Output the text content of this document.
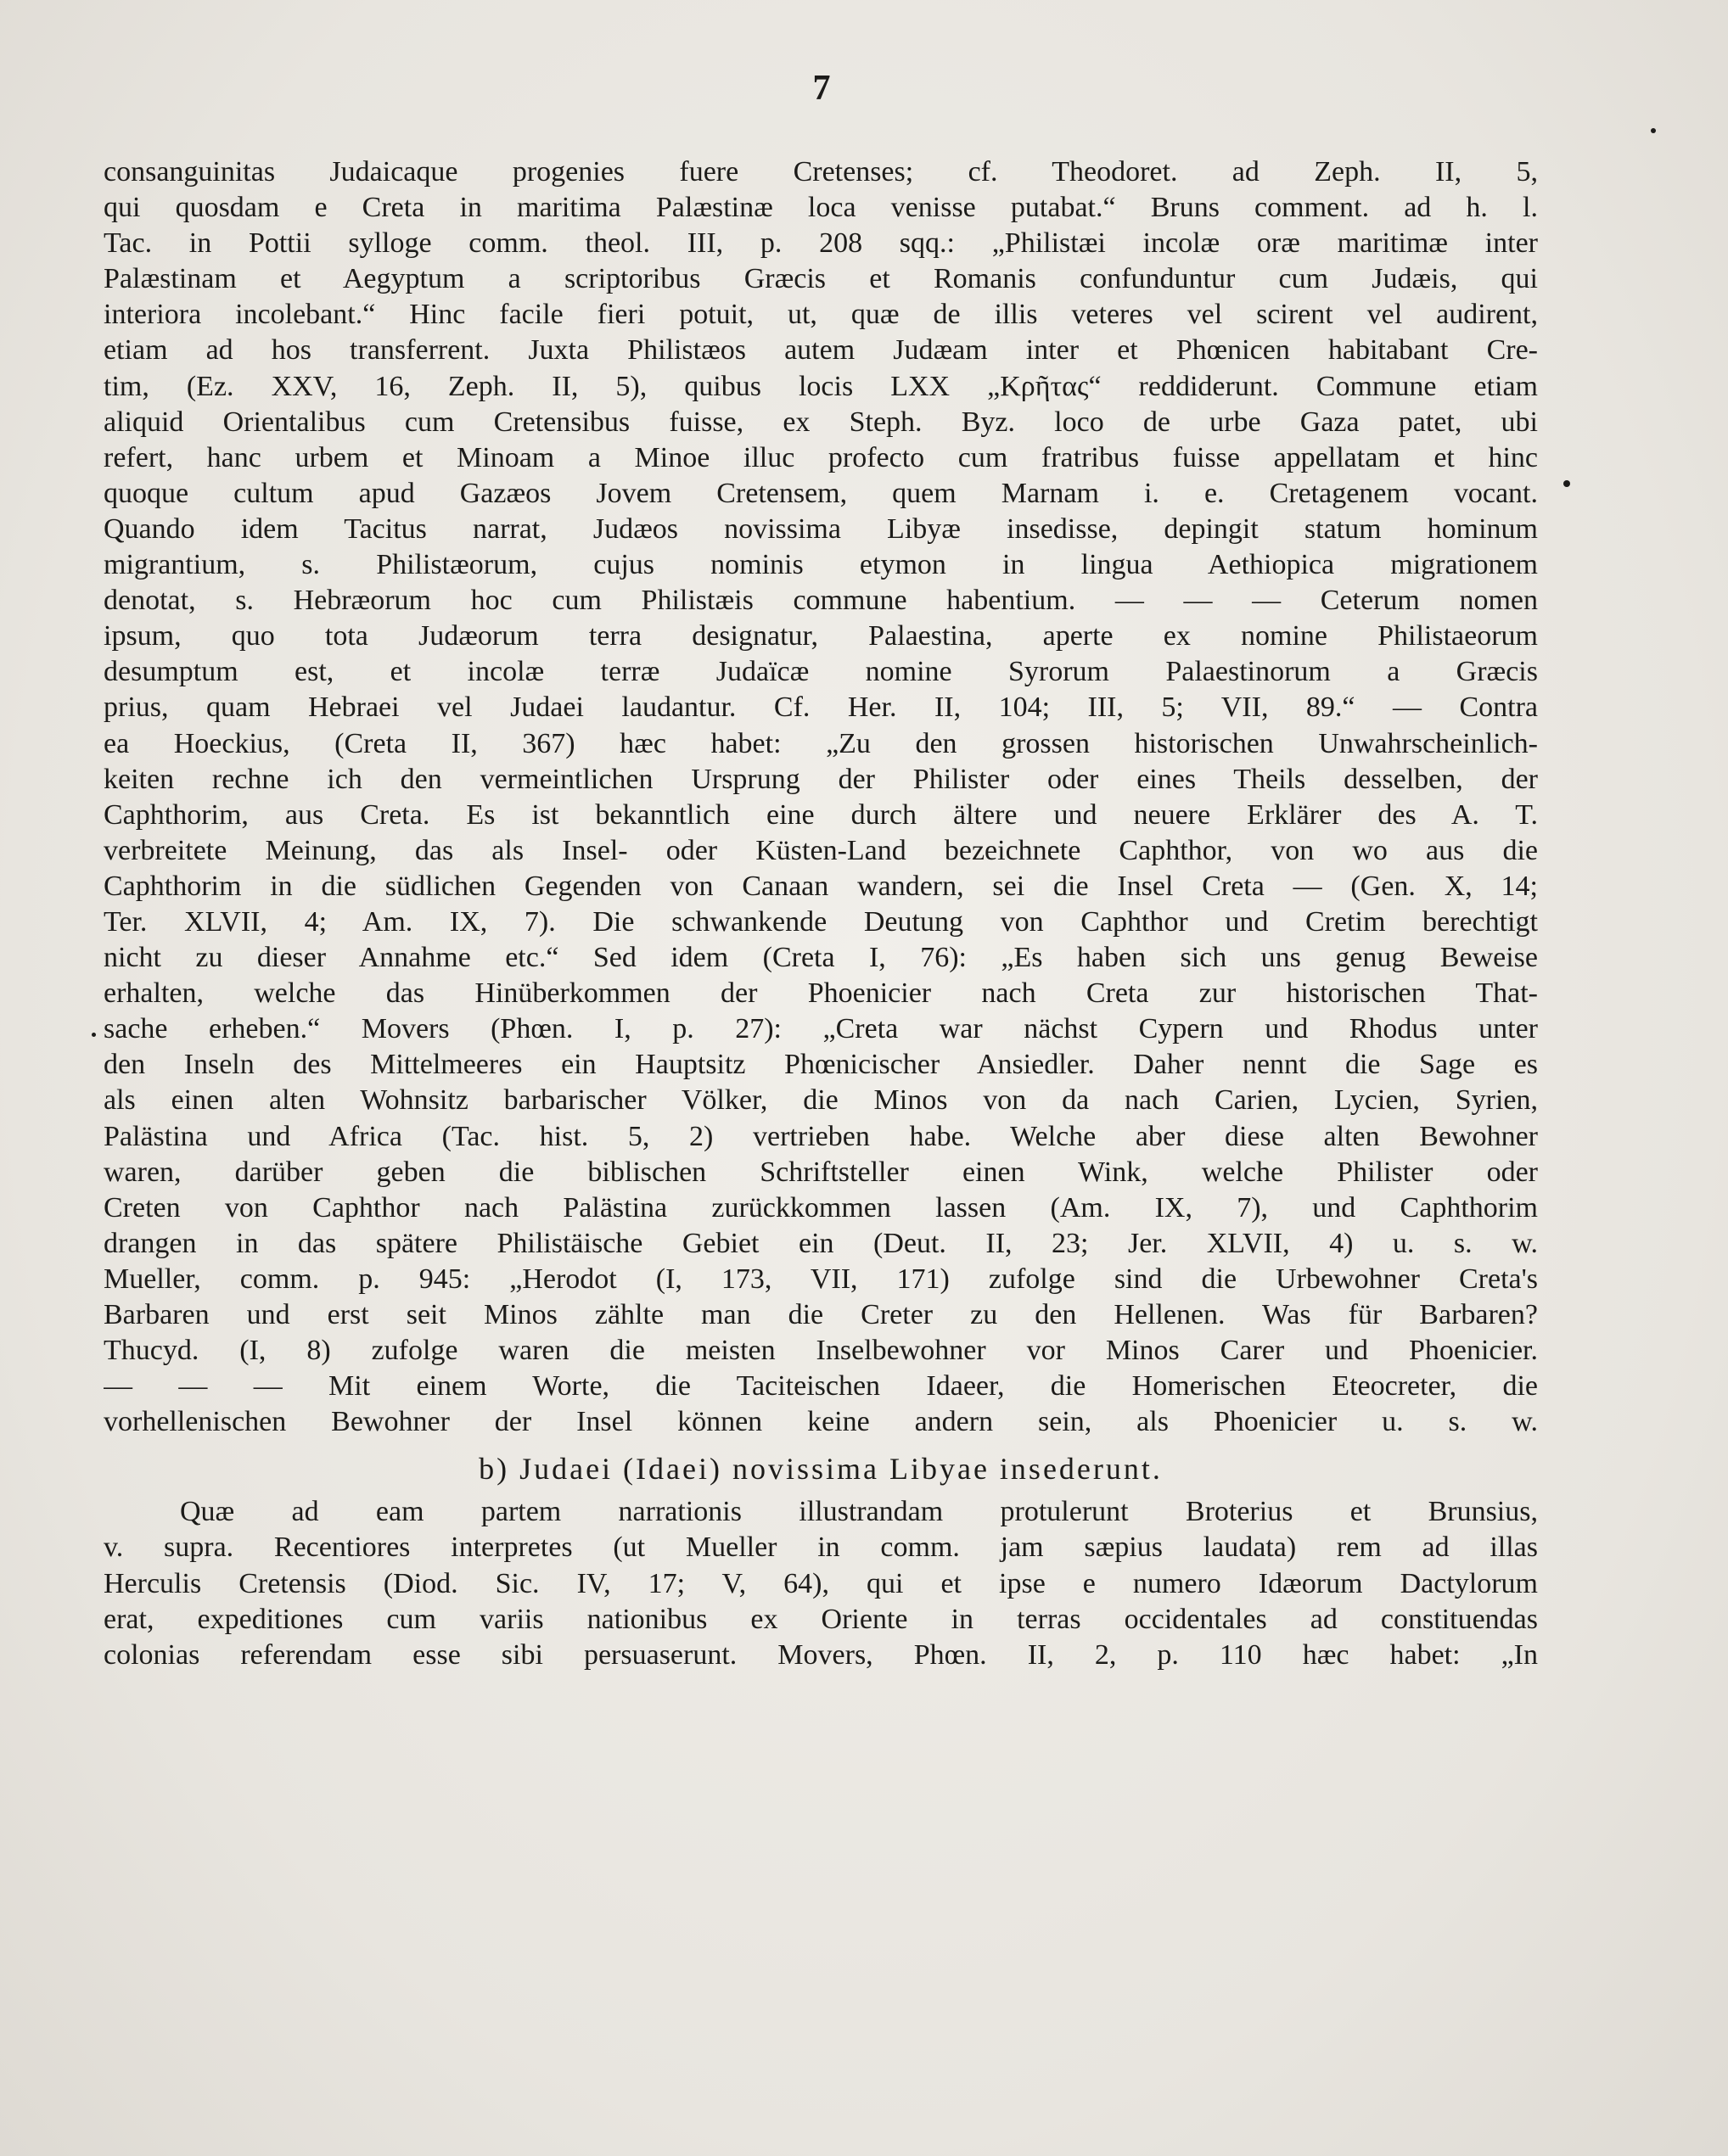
7
consanguinitas Judaicaque progenies fuere Cretenses; cf. Theodoret. ad Zeph. II, 5,
qui quosdam e Creta in maritima Palæstinæ loca venisse putabat.“ Bruns comment. ad h. l.
Tac. in Pottii sylloge comm. theol. III, p. 208 sqq.: „Philistæi incolæ oræ maritimæ inter
Palæstinam et Aegyptum a scriptoribus Græcis et Romanis confunduntur cum Judæis, qui
interiora incolebant.“ Hinc facile fieri potuit, ut, quæ de illis veteres vel scirent vel audirent,
etiam ad hos transferrent. Juxta Philistæos autem Judæam inter et Phœnicen habitabant Cre-
tim, (Ez. XXV, 16, Zeph. II, 5), quibus locis LXX „Κρῆτας“ reddiderunt. Commune etiam
aliquid Orientalibus cum Cretensibus fuisse, ex Steph. Byz. loco de urbe Gaza patet, ubi
refert, hanc urbem et Minoam a Minoe illuc profecto cum fratribus fuisse appellatam et hinc
quoque cultum apud Gazæos Jovem Cretensem, quem Marnam i. e. Cretagenem vocant.
Quando idem Tacitus narrat, Judæos novissima Libyæ insedisse, depingit statum hominum
migrantium, s. Philistæorum, cujus nominis etymon in lingua Aethiopica migrationem
denotat, s. Hebræorum hoc cum Philistæis commune habentium. — — — Ceterum nomen
ipsum, quo tota Judæorum terra designatur, Palaestina, aperte ex nomine Philistaeorum
desumptum est, et incolæ terræ Judaïcæ nomine Syrorum Palaestinorum a Græcis
prius, quam Hebraei vel Judaei laudantur. Cf. Her. II, 104; III, 5; VII, 89.“ — Contra
ea Hoeckius, (Creta II, 367) hæc habet: „Zu den grossen historischen Unwahrscheinlich-
keiten rechne ich den vermeintlichen Ursprung der Philister oder eines Theils desselben, der
Caphthorim, aus Creta. Es ist bekanntlich eine durch ältere und neuere Erklärer des A. T.
verbreitete Meinung, das als Insel- oder Küsten-Land bezeichnete Caphthor, von wo aus die
Caphthorim in die südlichen Gegenden von Canaan wandern, sei die Insel Creta — (Gen. X, 14;
Ter. XLVII, 4; Am. IX, 7). Die schwankende Deutung von Caphthor und Cretim berechtigt
nicht zu dieser Annahme etc.“ Sed idem (Creta I, 76): „Es haben sich uns genug Beweise
erhalten, welche das Hinüberkommen der Phoenicier nach Creta zur historischen That-
sache erheben.“ Movers (Phœn. I, p. 27): „Creta war nächst Cypern und Rhodus unter
den Inseln des Mittelmeeres ein Hauptsitz Phœnicischer Ansiedler. Daher nennt die Sage es
als einen alten Wohnsitz barbarischer Völker, die Minos von da nach Carien, Lycien, Syrien,
Palästina und Africa (Tac. hist. 5, 2) vertrieben habe. Welche aber diese alten Bewohner
waren, darüber geben die biblischen Schriftsteller einen Wink, welche Philister oder
Creten von Caphthor nach Palästina zurückkommen lassen (Am. IX, 7), und Caphthorim
drangen in das spätere Philistäische Gebiet ein (Deut. II, 23; Jer. XLVII, 4) u. s. w.
Mueller, comm. p. 945: „Herodot (I, 173, VII, 171) zufolge sind die Urbewohner Creta's
Barbaren und erst seit Minos zählte man die Creter zu den Hellenen. Was für Barbaren?
Thucyd. (I, 8) zufolge waren die meisten Inselbewohner vor Minos Carer und Phoenicier.
— — — Mit einem Worte, die Taciteischen Idaeer, die Homerischen Eteocreter, die
vorhellenischen Bewohner der Insel können keine andern sein, als Phoenicier u. s. w.
b) Judaei (Idaei) novissima Libyae insederunt.
Quæ ad eam partem narrationis illustrandam protulerunt Broterius et Brunsius,
v. supra. Recentiores interpretes (ut Mueller in comm. jam sæpius laudata) rem ad illas
Herculis Cretensis (Diod. Sic. IV, 17; V, 64), qui et ipse e numero Idæorum Dactylorum
erat, expeditiones cum variis nationibus ex Oriente in terras occidentales ad constituendas
colonias referendam esse sibi persuaserunt. Movers, Phœn. II, 2, p. 110 hæc habet: „In
